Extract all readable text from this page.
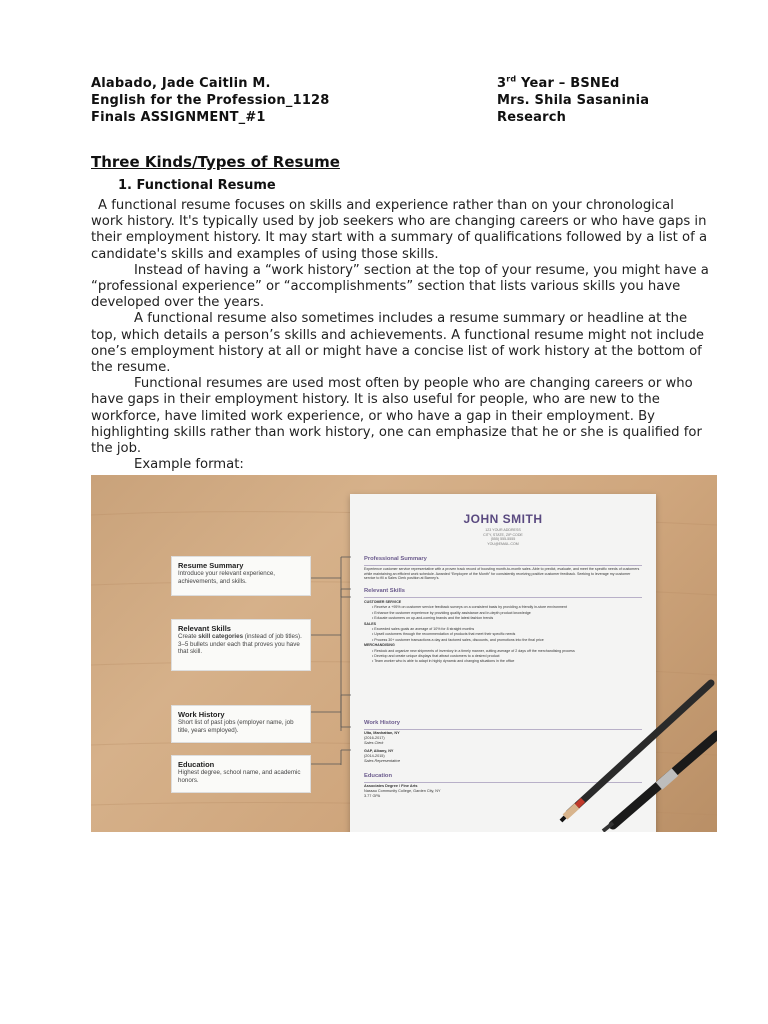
Alabado, Jade Caitlin M.
English for the Profession_1128
Finals ASSIGNMENT_#1
3rd Year – BSNEd
Mrs. Shila Sasaninia
Research
Three Kinds/Types of Resume
1. Functional Resume

A functional resume focuses on skills and experience rather than on your chronological work history. It's typically used by job seekers who are changing careers or who have gaps in their employment history. It may start with a summary of qualifications followed by a list of a candidate's skills and examples of using those skills.

Instead of having a “work history” section at the top of your resume, you might have a “professional experience” or “accomplishments” section that lists various skills you have developed over the years.

A functional resume also sometimes includes a resume summary or headline at the top, which details a person’s skills and achievements. A functional resume might not include one’s employment history at all or might have a concise list of work history at the bottom of the resume.

Functional resumes are used most often by people who are changing careers or who have gaps in their employment history. It is also useful for people, who are new to the workforce, have limited work experience, or who have a gap in their employment. By highlighting skills rather than work history, one can emphasize that he or she is qualified for the job.

Example format:

JOHN SMITH
123 YOUR ADDRESS
CITY, STATE, ZIP CODE
(555) 555-5555
YOU@EMAIL.COM
Professional Summary
Experience customer service representative with a proven track record of boosting month-to-month sales. Able to predict, evaluate, and meet the specific needs of customers while maintaining an efficient work schedule. Awarded “Employee of the Month” for consistently receiving positive customer feedback. Seeking to leverage my customer service to fill a Sales Clerk position at Barney's.
Relevant Skills
CUSTOMER SERVICE
• Receive a +95% on customer service feedback surveys on a consistent basis by providing a friendly in-store environment
• Enhance the customer experience by providing quality assistance and in-depth product knowledge
• Educate customers on up-and-coming brands and the latest fashion trends
SALES
• Exceeded sales goals an average of 10% for 8 straight months
• Upsell customers through the recommendation of products that meet their specific needs
• Process 30+ customer transactions a day and factored sales, discounts, and promotions into the final price
MERCHANDISING
• Restock and organize new shipments of inventory in a timely manner, cutting average of 2 days off the merchandising process
• Develop and create unique displays that attract customers to a desired product
• Team worker who is able to adapt in highly dynamic and changing situations in the office
Work History
Ulta, Manhattan, NY
(2016-2017)
Sales Clerk
GAP, Albany, NY
(2014-2015)
Sales Representative
Education
Associates Degree / Fine Arts
Nassau Community College, Garden City, NY
3.77 GPA
Resume Summary
Introduce your relevant experience, achievements, and skills.
Relevant Skills
Create skill categories (instead of job titles). 3–5 bullets under each that proves you have that skill.
Work History
Short list of past jobs (employer name, job title, years employed).
Education
Highest degree, school name, and academic honors.
